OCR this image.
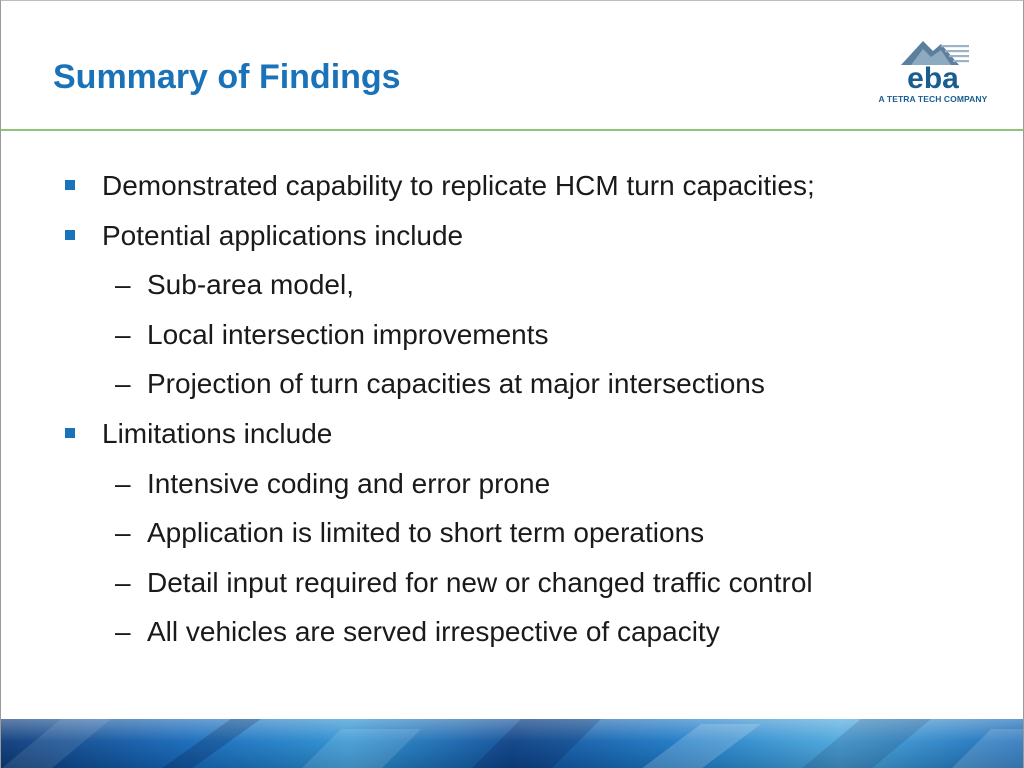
Summary of Findings	eba
A TETRA TECH COMPANY
Demonstrated capability to replicate HCM turn capacities;
Potential applications include
– Sub-area model,
– Local intersection improvements
– Projection of turn capacities at major intersections
Limitations include
– Intensive coding and error prone
– Application is limited to short term operations
– Detail input required for new or changed traffic control
– All vehicles are served irrespective of capacity
